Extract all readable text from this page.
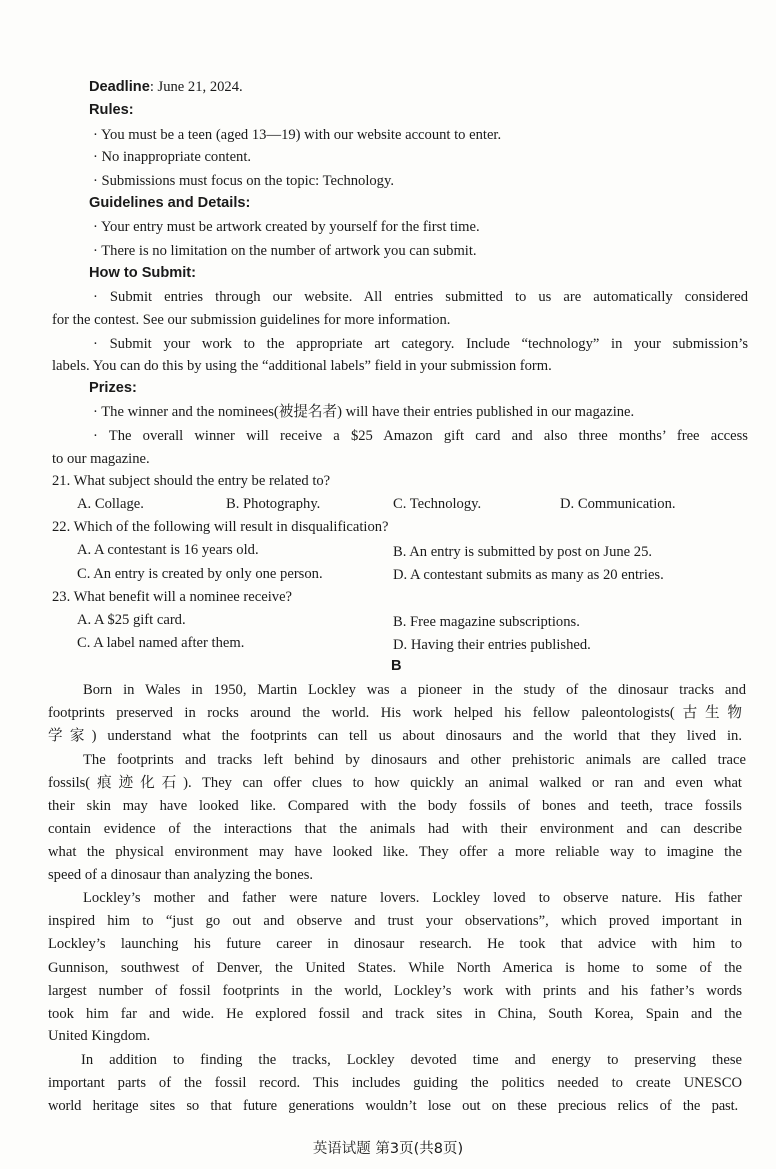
Deadline: June 21, 2024.
Rules:
· You must be a teen (aged 13—19) with our website account to enter.
· No inappropriate content.
· Submissions must focus on the topic: Technology.
Guidelines and Details:
· Your entry must be artwork created by yourself for the first time.
· There is no limitation on the number of artwork you can submit.
How to Submit:
· Submit entries through our website. All entries submitted to us are automatically considered
for the contest. See our submission guidelines for more information.
· Submit your work to the appropriate art category. Include “technology” in your submission’s
labels. You can do this by using the “additional labels” field in your submission form.
Prizes:
· The winner and the nominees(被提名者) will have their entries published in our magazine.
· The overall winner will receive a $25 Amazon gift card and also three months’ free access
to our magazine.
21. What subject should the entry be related to?
A. Collage.	B. Photography.	C. Technology.	D. Communication.
22. Which of the following will result in disqualification?
A. A contestant is 16 years old.	B. An entry is submitted by post on June 25.
C. An entry is created by only one person.	D. A contestant submits as many as 20 entries.
23. What benefit will a nominee receive?
A. A $25 gift card.	B. Free magazine subscriptions.
C. A label named after them.	D. Having their entries published.
B
Born in Wales in 1950, Martin Lockley was a pioneer in the study of the dinosaur tracks and
footprints preserved in rocks around the world. His work helped his fellow paleontologists(古生物
学家) understand what the footprints can tell us about dinosaurs and the world that they lived in.
The footprints and tracks left behind by dinosaurs and other prehistoric animals are called trace
fossils(痕迹化石). They can offer clues to how quickly an animal walked or ran and even what
their skin may have looked like. Compared with the body fossils of bones and teeth, trace fossils
contain evidence of the interactions that the animals had with their environment and can describe
what the physical environment may have looked like. They offer a more reliable way to imagine the
speed of a dinosaur than analyzing the bones.
Lockley’s mother and father were nature lovers. Lockley loved to observe nature. His father
inspired him to “just go out and observe and trust your observations”, which proved important in
Lockley’s launching his future career in dinosaur research. He took that advice with him to
Gunnison, southwest of Denver, the United States. While North America is home to some of the
largest number of fossil footprints in the world, Lockley’s work with prints and his father’s words
took him far and wide. He explored fossil and track sites in China, South Korea, Spain and the
United Kingdom.
In addition to finding the tracks, Lockley devoted time and energy to preserving these
important parts of the fossil record. This includes guiding the politics needed to create UNESCO
world heritage sites so that future generations wouldn’t lose out on these precious relics of the past.
英语试题 第3页(共8页)
